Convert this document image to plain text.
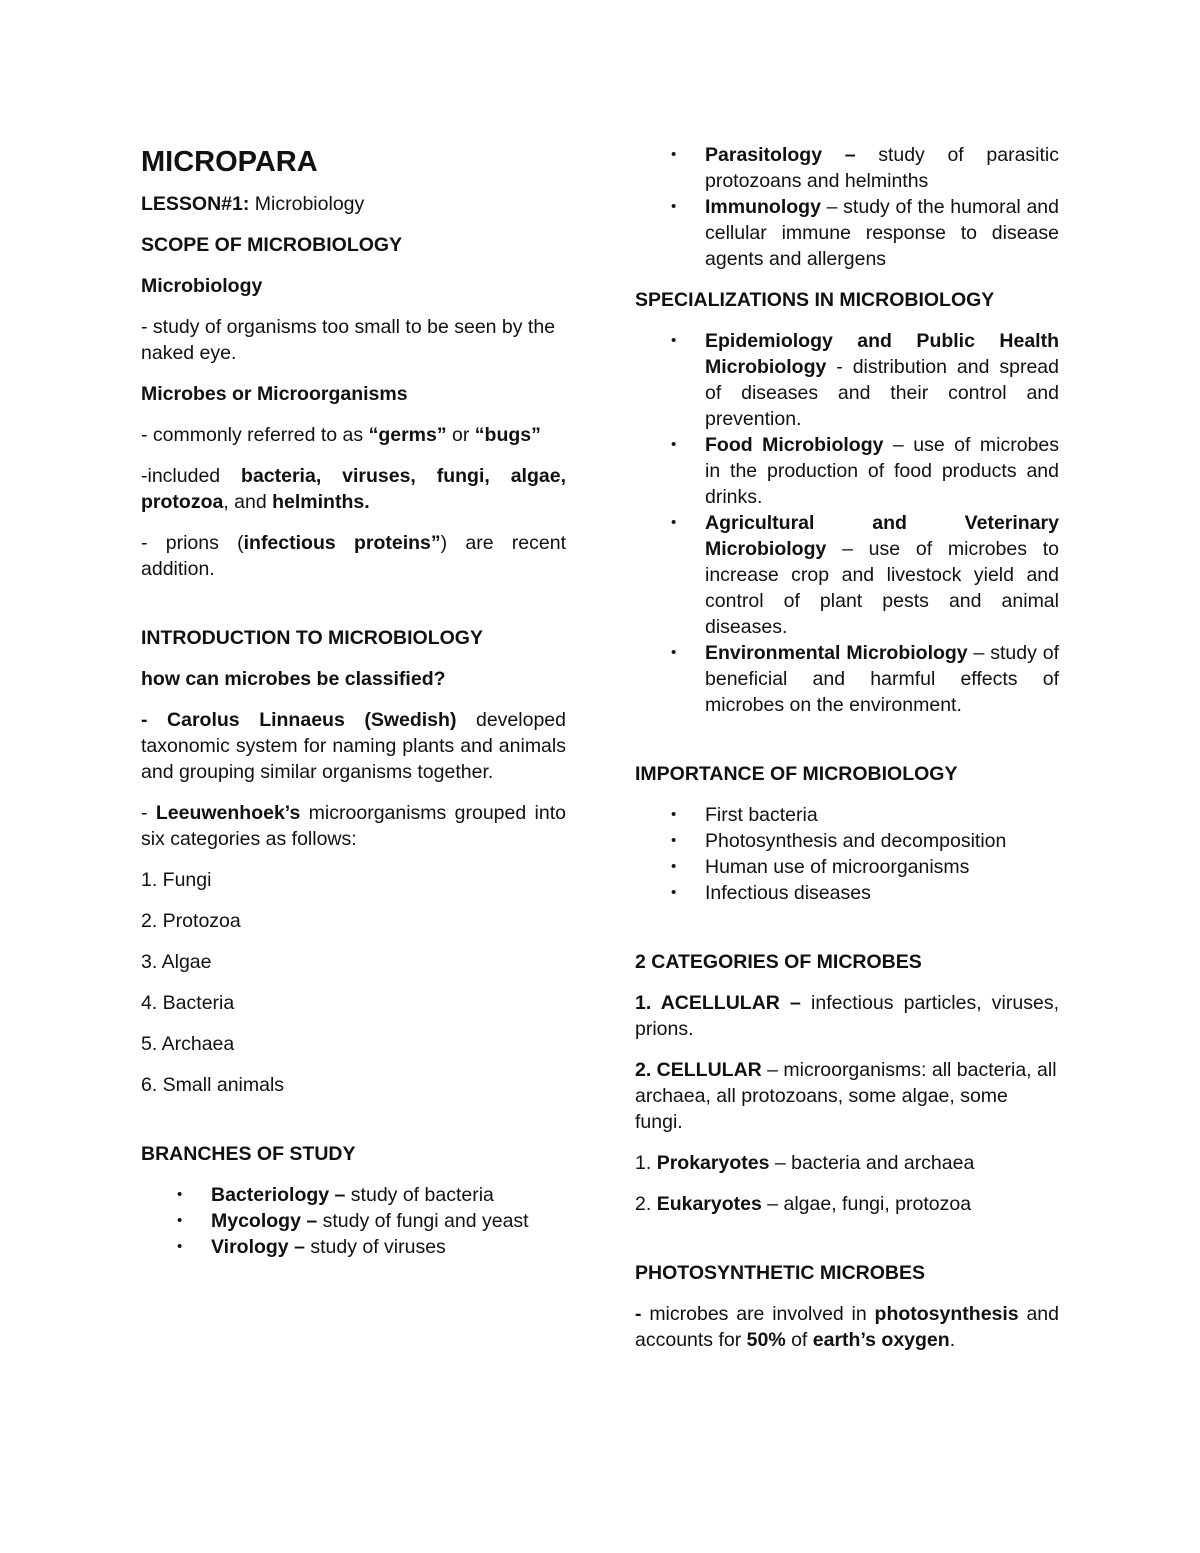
MICROPARA

LESSON#1: Microbiology

SCOPE OF MICROBIOLOGY

Microbiology

- study of organisms too small to be seen by the naked eye.

Microbes or Microorganisms

- commonly referred to as “germs” or “bugs”

-included bacteria, viruses, fungi, algae, protozoa, and helminths.

- prions (infectious proteins”) are recent addition.

INTRODUCTION TO MICROBIOLOGY

how can microbes be classified?

- Carolus Linnaeus (Swedish) developed taxonomic system for naming plants and animals and grouping similar organisms together.

- Leeuwenhoek’s microorganisms grouped into six categories as follows:

1. Fungi

2. Protozoa

3. Algae

4. Bacteria

5. Archaea

6. Small animals

BRANCHES OF STUDY

• Bacteriology – study of bacteria
• Mycology – study of fungi and yeast
• Virology – study of viruses
• Parasitology – study of parasitic protozoans and helminths
• Immunology – study of the humoral and cellular immune response to disease agents and allergens

SPECIALIZATIONS IN MICROBIOLOGY

• Epidemiology and Public Health Microbiology - distribution and spread of diseases and their control and prevention.
• Food Microbiology – use of microbes in the production of food products and drinks.
• Agricultural and Veterinary Microbiology – use of microbes to increase crop and livestock yield and control of plant pests and animal diseases.
• Environmental Microbiology – study of beneficial and harmful effects of microbes on the environment.

IMPORTANCE OF MICROBIOLOGY

• First bacteria
• Photosynthesis and decomposition
• Human use of microorganisms
• Infectious diseases

2 CATEGORIES OF MICROBES

1. ACELLULAR – infectious particles, viruses, prions.

2. CELLULAR – microorganisms: all bacteria, all archaea, all protozoans, some algae, some fungi.

1. Prokaryotes – bacteria and archaea

2. Eukaryotes – algae, fungi, protozoa

PHOTOSYNTHETIC MICROBES

- microbes are involved in photosynthesis and accounts for 50% of earth’s oxygen.
